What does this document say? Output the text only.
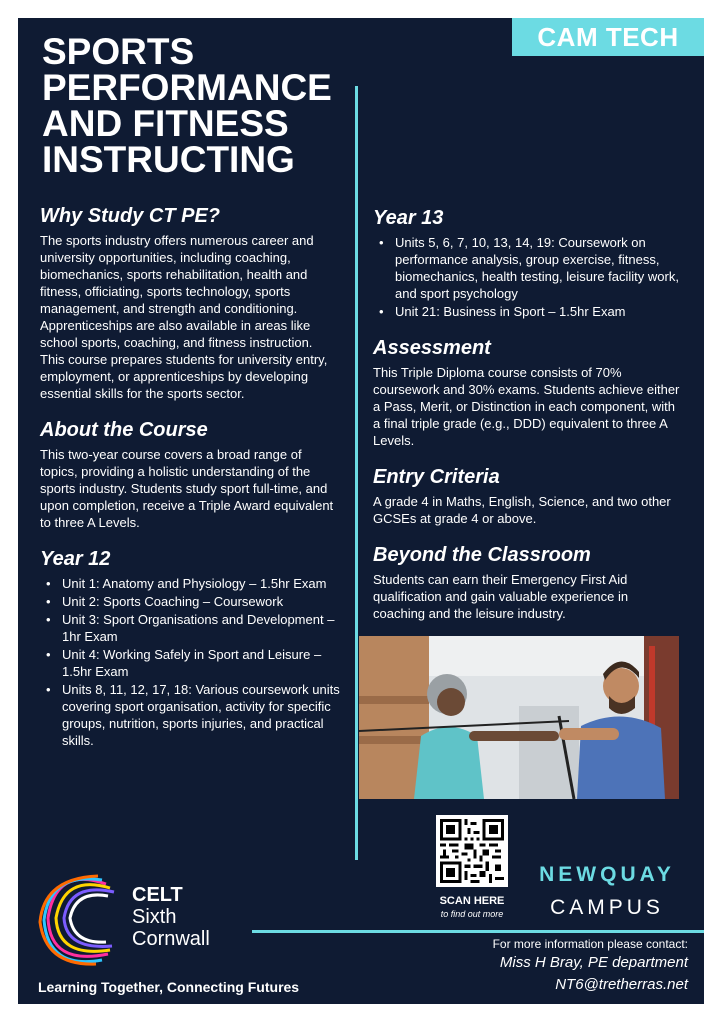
CAM TECH
SPORTS
PERFORMANCE
AND FITNESS
INSTRUCTING
Why Study CT PE?

The sports industry offers numerous career and university opportunities, including coaching, biomechanics, sports rehabilitation, health and fitness, officiating, sports technology, sports management, and strength and conditioning. Apprenticeships are also available in areas like school sports, coaching, and fitness instruction. This course prepares students for university entry, employment, or apprenticeships by developing essential skills for the sports sector.

About the Course

This two-year course covers a broad range of topics, providing a holistic understanding of the sports industry. Students study sport full-time, and upon completion, receive a Triple Award equivalent to three A Levels.

Year 12
• Unit 1: Anatomy and Physiology – 1.5hr Exam
• Unit 2: Sports Coaching – Coursework
• Unit 3: Sport Organisations and Development – 1hr Exam
• Unit 4: Working Safely in Sport and Leisure – 1.5hr Exam
• Units 8, 11, 12, 17, 18: Various coursework units covering sport organisation, activity for specific groups, nutrition, sports injuries, and practical skills.
Year 13
• Units 5, 6, 7, 10, 13, 14, 19: Coursework on performance analysis, group exercise, fitness, biomechanics, health testing, leisure facility work, and sport psychology
• Unit 21: Business in Sport – 1.5hr Exam
Assessment

This Triple Diploma course consists of 70% coursework and 30% exams. Students achieve either a Pass, Merit, or Distinction in each component, with a final triple grade (e.g., DDD) equivalent to three A Levels.

Entry Criteria

A grade 4 in Maths, English, Science, and two other GCSEs at grade 4 or above.

Beyond the Classroom

Students can earn their Emergency First Aid qualification and gain valuable experience in coaching and the leisure industry.

SCAN HERE
to find out more
NEWQUAY
CAMPUS
For more information please contact:
Miss H Bray, PE department
NT6@tretherras.net
CELT
Sixth
Cornwall
Learning Together, Connecting Futures
